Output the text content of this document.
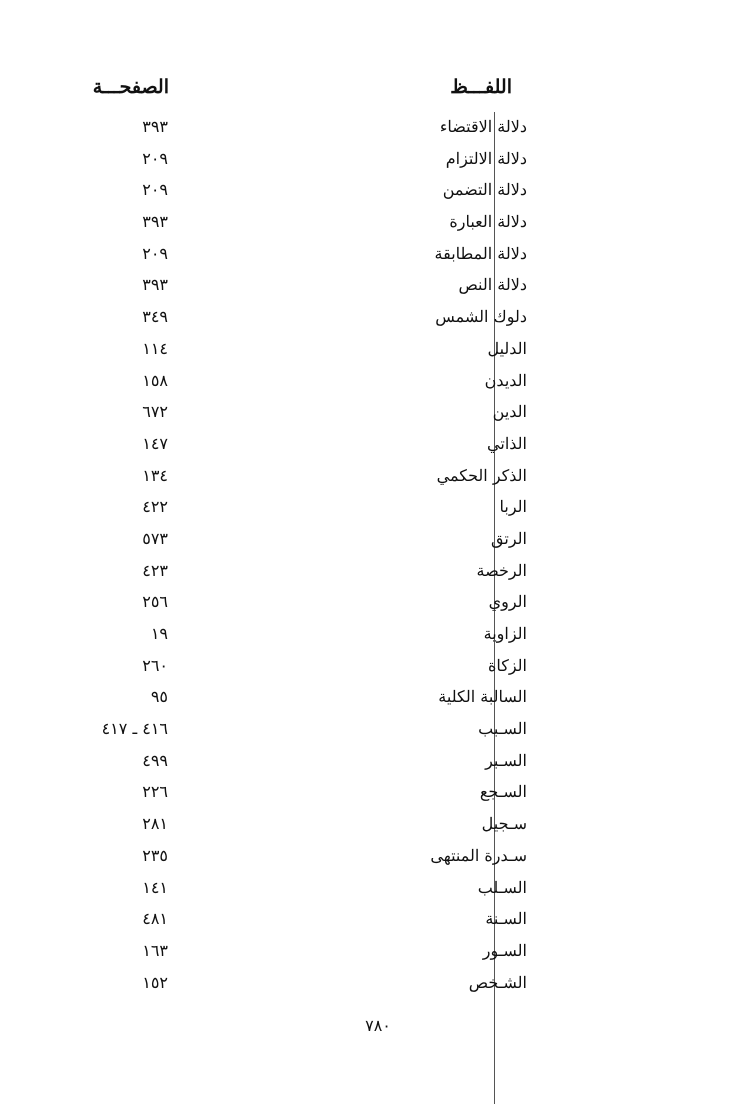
اللفـــظ
الصفحـــة
دلالة الاقتضاء
٣٩٣
دلالة الالتزام
٢٠٩
دلالة التضمن
٢٠٩
دلالة العبارة
٣٩٣
دلالة المطابقة
٢٠٩
دلالة النص
٣٩٣
دلوك الشمس
٣٤٩
الدليل
١١٤
الديدن
١٥٨
الدين
٦٧٢
الذاتي
١٤٧
الذكر الحكمي
١٣٤
الربا
٤٢٢
الرتق
٥٧٣
الرخصة
٤٢٣
الروي
٢٥٦
الزاوية
١٩
الزكاة
٢٦٠
السالبة الكلية
٩٥
السـبب
٤١٦ ـ ٤١٧
السـبر
٤٩٩
السـجع
٢٢٦
سـجيل
٢٨١
سـدرة المنتهى
٢٣٥
السـلب
١٤١
السـنة
٤٨١
السـور
١٦٣
الشـخص
١٥٢
٧٨٠
